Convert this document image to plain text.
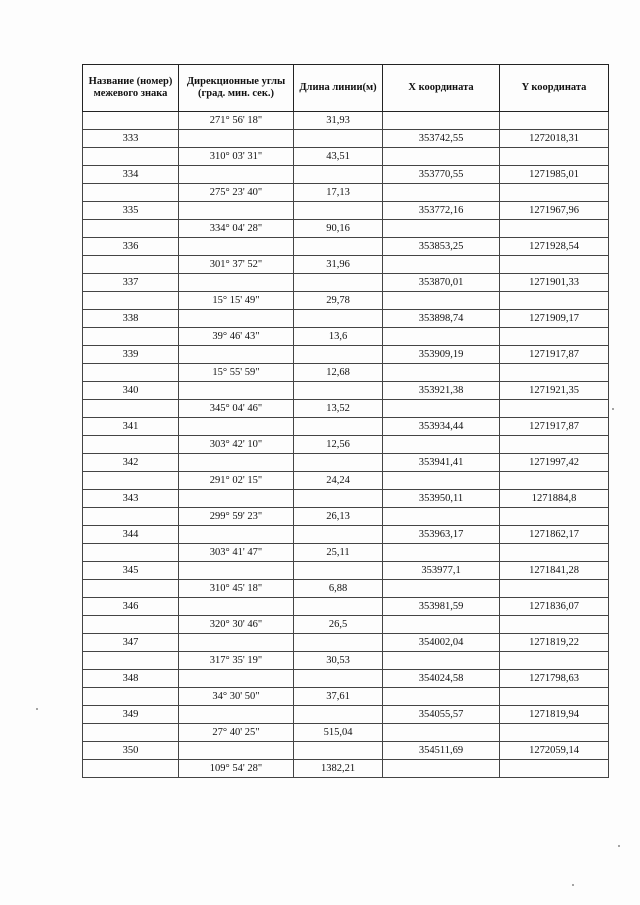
Название (номер) межевого знака	Дирекционные углы (град. мин. сек.)	Длина линии(м)	X координата	Y координата
	271° 56' 18"	31,93		
333			353742,55	1272018,31
	310° 03' 31"	43,51		
334			353770,55	1271985,01
	275° 23' 40"	17,13		
335			353772,16	1271967,96
	334° 04' 28"	90,16		
336			353853,25	1271928,54
	301° 37' 52"	31,96		
337			353870,01	1271901,33
	15° 15' 49"	29,78		
338			353898,74	1271909,17
	39° 46' 43"	13,6		
339			353909,19	1271917,87
	15° 55' 59"	12,68		
340			353921,38	1271921,35
	345° 04' 46"	13,52		
341			353934,44	1271917,87
	303° 42' 10"	12,56		
342			353941,41	1271997,42
	291° 02' 15"	24,24		
343			353950,11	1271884,8
	299° 59' 23"	26,13		
344			353963,17	1271862,17
	303° 41' 47"	25,11		
345			353977,1	1271841,28
	310° 45' 18"	6,88		
346			353981,59	1271836,07
	320° 30' 46"	26,5		
347			354002,04	1271819,22
	317° 35' 19"	30,53		
348			354024,58	1271798,63
	34° 30' 50"	37,61		
349			354055,57	1271819,94
	27° 40' 25"	515,04		
350			354511,69	1272059,14
	109° 54' 28"	1382,21		
